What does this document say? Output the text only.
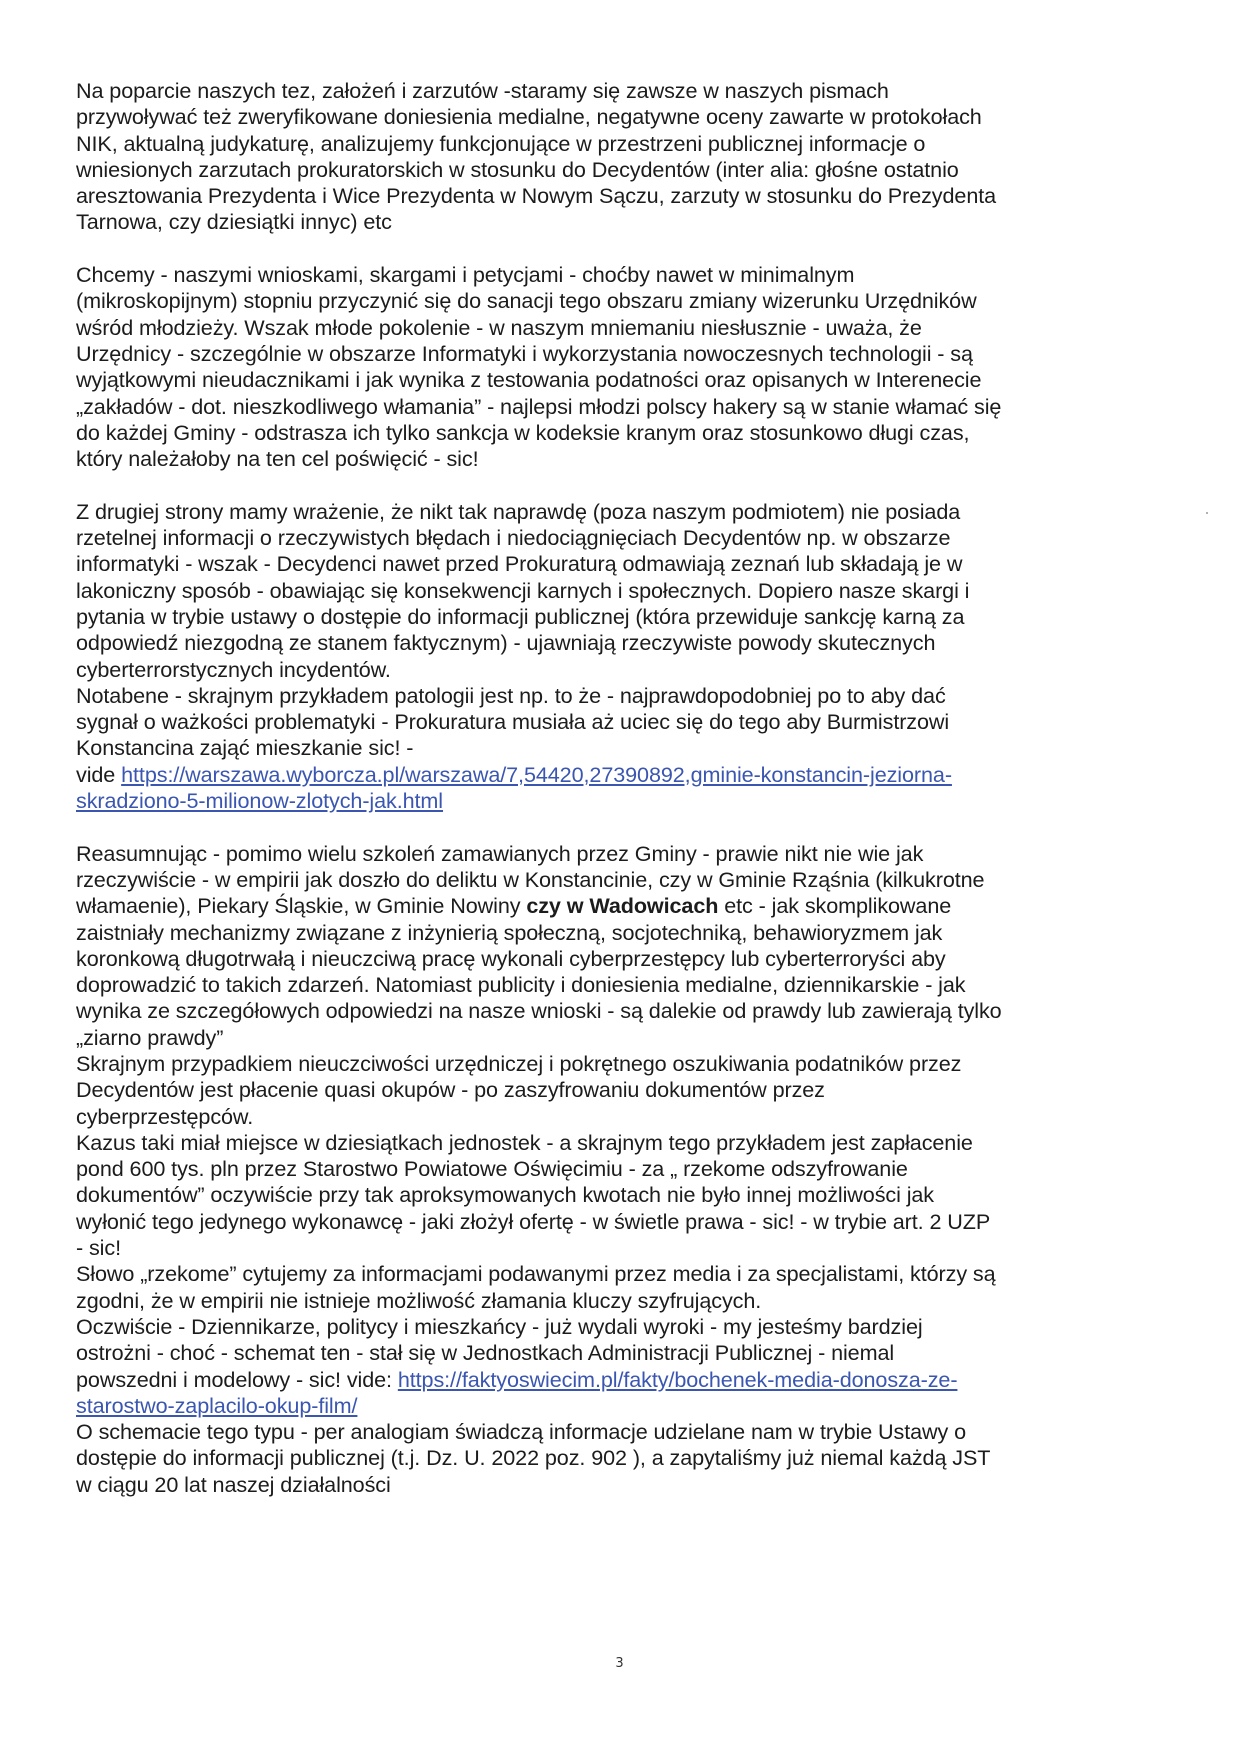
Na poparcie naszych tez, założeń i zarzutów -staramy się zawsze w naszych pismach
przywoływać też zweryfikowane doniesienia medialne, negatywne oceny zawarte w protokołach
NIK, aktualną judykaturę, analizujemy funkcjonujące w przestrzeni publicznej informacje o
wniesionych zarzutach prokuratorskich w stosunku do Decydentów (inter alia: głośne ostatnio
aresztowania Prezydenta i Wice Prezydenta w Nowym Sączu, zarzuty w stosunku do Prezydenta
Tarnowa, czy dziesiątki innyc) etc
Chcemy - naszymi wnioskami, skargami i petycjami - choćby nawet w minimalnym
(mikroskopijnym) stopniu przyczynić się do sanacji tego obszaru zmiany wizerunku Urzędników
wśród młodzieży. Wszak młode pokolenie - w naszym mniemaniu niesłusznie - uważa, że
Urzędnicy - szczególnie w obszarze Informatyki i wykorzystania nowoczesnych technologii - są
wyjątkowymi nieudacznikami i jak wynika z testowania podatności oraz opisanych w Interenecie
„zakładów - dot. nieszkodliwego włamania” - najlepsi młodzi polscy hakery są w stanie włamać się
do każdej Gminy - odstrasza ich tylko sankcja w kodeksie kranym oraz stosunkowo długi czas,
który należałoby na ten cel poświęcić - sic!
Z drugiej strony mamy wrażenie, że nikt tak naprawdę (poza naszym podmiotem) nie posiada
rzetelnej informacji o rzeczywistych błędach i niedociągnięciach Decydentów np. w obszarze
informatyki - wszak - Decydenci nawet przed Prokuraturą odmawiają zeznań lub składają je w
lakoniczny sposób - obawiając się konsekwencji karnych i społecznych. Dopiero nasze skargi i
pytania w trybie ustawy o dostępie do informacji publicznej (która przewiduje sankcję karną za
odpowiedź niezgodną ze stanem faktycznym) - ujawniają rzeczywiste powody skutecznych
cyberterrorstycznych incydentów.
Notabene - skrajnym przykładem patologii jest np. to że - najprawdopodobniej po to aby dać
sygnał o ważkości problematyki - Prokuratura musiała aż uciec się do tego aby Burmistrzowi
Konstancina zająć mieszkanie sic! -
vide https://warszawa.wyborcza.pl/warszawa/7,54420,27390892,gminie-konstancin-jeziorna-
skradziono-5-milionow-zlotych-jak.html
Reasumnując - pomimo wielu szkoleń zamawianych przez Gminy - prawie nikt nie wie jak
rzeczywiście - w empirii jak doszło do deliktu w Konstancinie, czy w Gminie Rząśnia (kilkukrotne
włamaenie), Piekary Śląskie, w Gminie Nowiny czy w Wadowicach etc - jak skomplikowane
zaistniały mechanizmy związane z inżynierią społeczną, socjotechniką, behawioryzmem jak
koronkową długotrwałą i nieuczciwą pracę wykonali cyberprzestępcy lub cyberterroryści aby
doprowadzić to takich zdarzeń. Natomiast publicity i doniesienia medialne, dziennikarskie - jak
wynika ze szczegółowych odpowiedzi na nasze wnioski - są dalekie od prawdy lub zawierają tylko
„ziarno prawdy”
Skrajnym przypadkiem nieuczciwości urzędniczej i pokrętnego oszukiwania podatników przez
Decydentów jest płacenie quasi okupów - po zaszyfrowaniu dokumentów przez
cyberprzestępców.
Kazus taki miał miejsce w dziesiątkach jednostek - a skrajnym tego przykładem jest zapłacenie
pond 600 tys. pln przez Starostwo Powiatowe Oświęcimiu - za „ rzekome odszyfrowanie
dokumentów” oczywiście przy tak aproksymowanych kwotach nie było innej możliwości jak
wyłonić tego jedynego wykonawcę - jaki złożył ofertę - w świetle prawa - sic! - w trybie art. 2 UZP
- sic!
Słowo „rzekome” cytujemy za informacjami podawanymi przez media i za specjalistami, którzy są
zgodni, że w empirii nie istnieje możliwość złamania kluczy szyfrujących.
Oczwiście - Dziennikarze, politycy i mieszkańcy - już wydali wyroki - my jesteśmy bardziej
ostrożni - choć - schemat ten - stał się w Jednostkach Administracji Publicznej - niemal
powszedni i modelowy - sic! vide: https://faktyoswiecim.pl/fakty/bochenek-media-donosza-ze-
starostwo-zaplacilo-okup-film/
O schemacie tego typu - per analogiam świadczą informacje udzielane nam w trybie Ustawy o
dostępie do informacji publicznej (t.j. Dz. U. 2022 poz. 902 ), a zapytaliśmy już niemal każdą JST
w ciągu 20 lat naszej działalności
3
